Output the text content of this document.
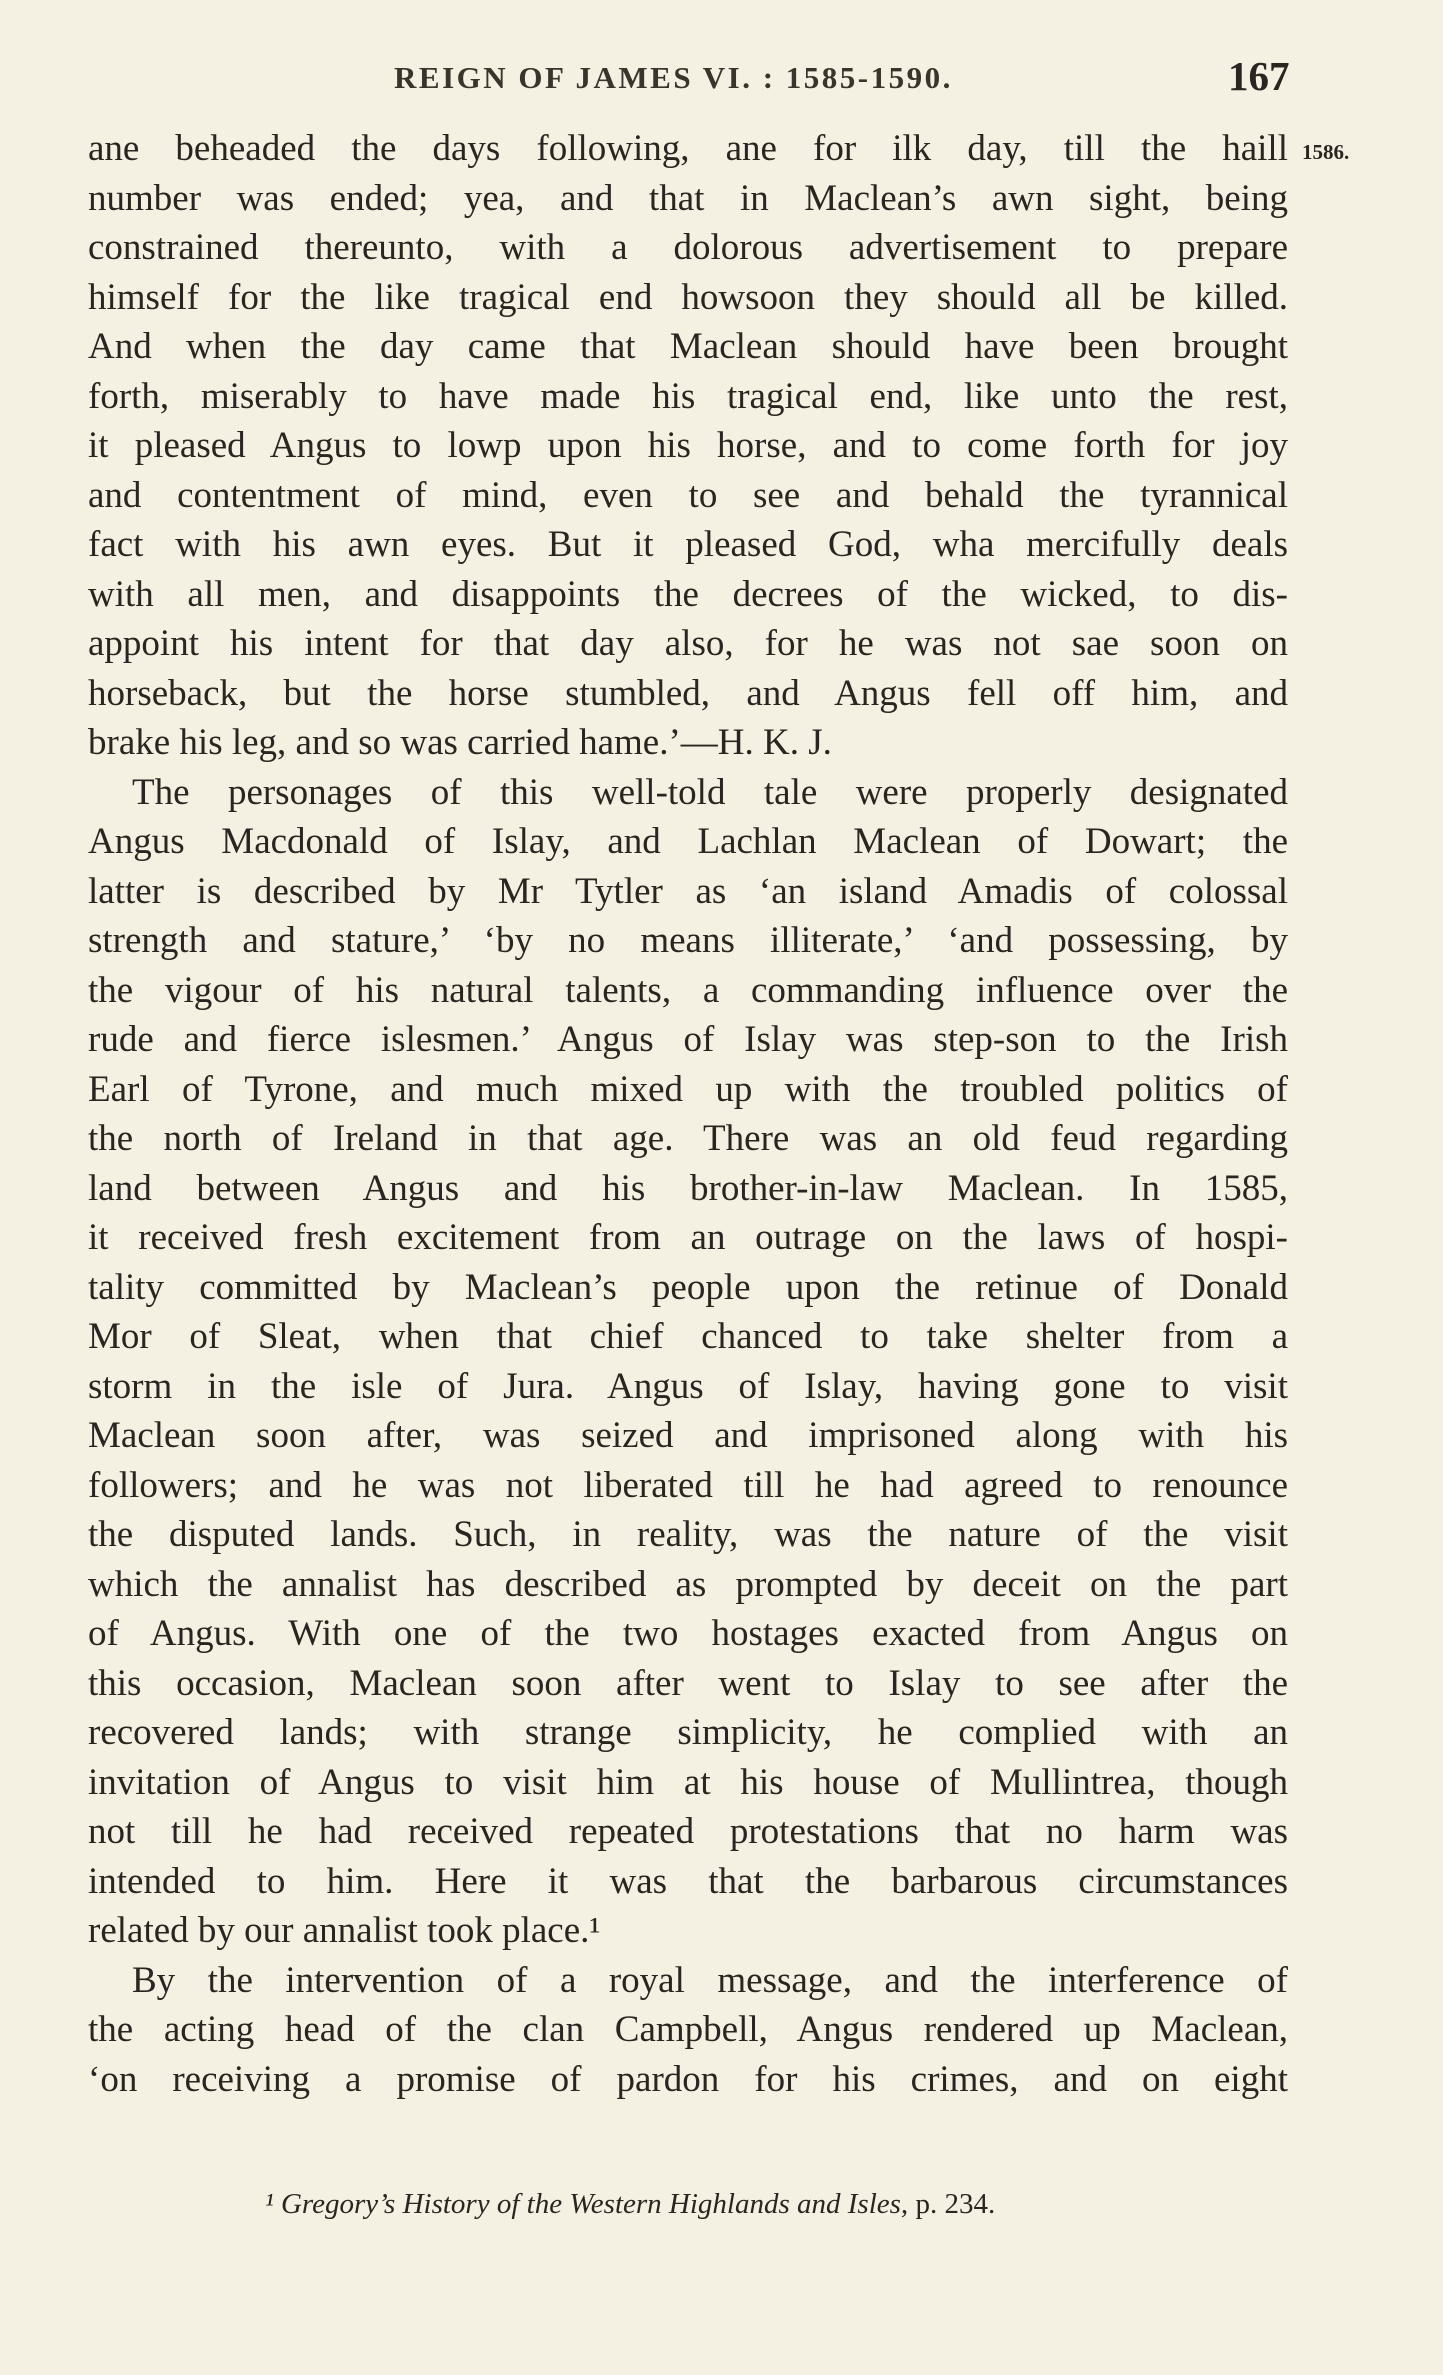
REIGN OF JAMES VI. : 1585-1590.	167
1586.
ane beheaded the days following, ane for ilk day, till the haill
number was ended; yea, and that in Maclean’s awn sight, being
constrained thereunto, with a dolorous advertisement to prepare
himself for the like tragical end howsoon they should all be killed.
And when the day came that Maclean should have been brought
forth, miserably to have made his tragical end, like unto the rest,
it pleased Angus to lowp upon his horse, and to come forth for joy
and contentment of mind, even to see and behald the tyrannical
fact with his awn eyes. But it pleased God, wha mercifully deals
with all men, and disappoints the decrees of the wicked, to dis-
appoint his intent for that day also, for he was not sae soon on
horseback, but the horse stumbled, and Angus fell off him, and
brake his leg, and so was carried hame.’—H. K. J.
The personages of this well-told tale were properly designated
Angus Macdonald of Islay, and Lachlan Maclean of Dowart; the
latter is described by Mr Tytler as ‘an island Amadis of colossal
strength and stature,’ ‘by no means illiterate,’ ‘and possessing, by
the vigour of his natural talents, a commanding influence over the
rude and fierce islesmen.’ Angus of Islay was step-son to the Irish
Earl of Tyrone, and much mixed up with the troubled politics of
the north of Ireland in that age. There was an old feud regarding
land between Angus and his brother-in-law Maclean. In 1585,
it received fresh excitement from an outrage on the laws of hospi-
tality committed by Maclean’s people upon the retinue of Donald
Mor of Sleat, when that chief chanced to take shelter from a
storm in the isle of Jura. Angus of Islay, having gone to visit
Maclean soon after, was seized and imprisoned along with his
followers; and he was not liberated till he had agreed to renounce
the disputed lands. Such, in reality, was the nature of the visit
which the annalist has described as prompted by deceit on the part
of Angus. With one of the two hostages exacted from Angus on
this occasion, Maclean soon after went to Islay to see after the
recovered lands; with strange simplicity, he complied with an
invitation of Angus to visit him at his house of Mullintrea, though
not till he had received repeated protestations that no harm was
intended to him. Here it was that the barbarous circumstances
related by our annalist took place.¹
By the intervention of a royal message, and the interference of
the acting head of the clan Campbell, Angus rendered up Maclean,
‘on receiving a promise of pardon for his crimes, and on eight
¹ Gregory’s History of the Western Highlands and Isles, p. 234.
